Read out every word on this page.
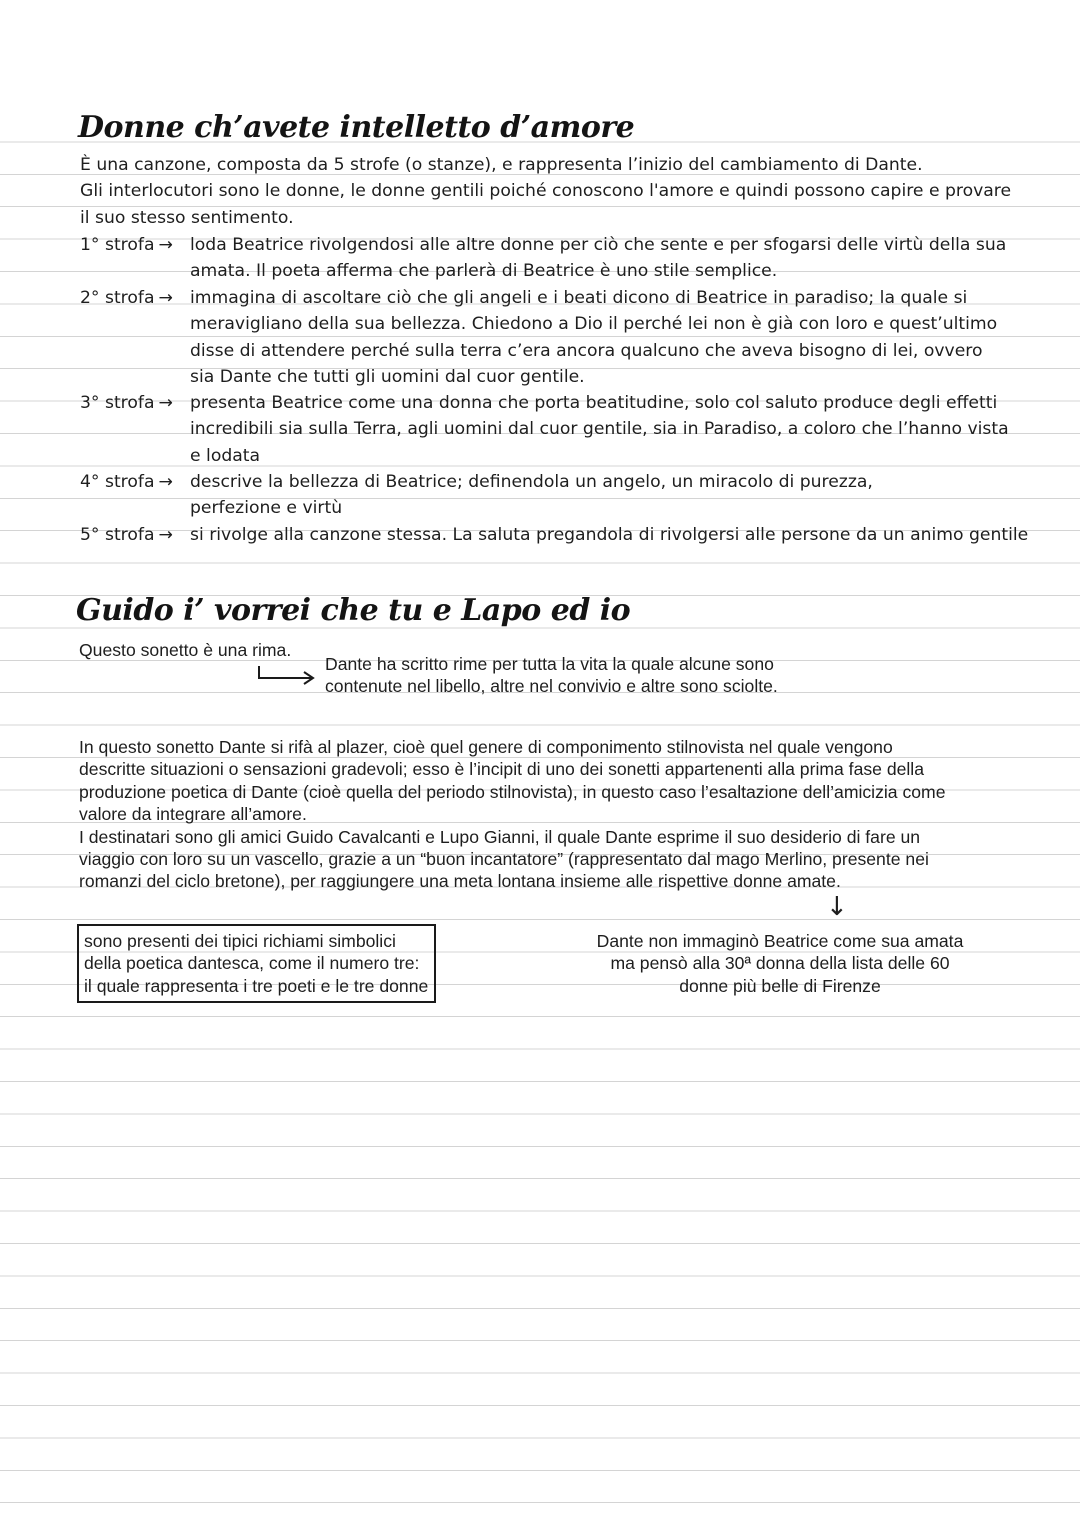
Donne ch’avete intelletto d’amore
È una canzone, composta da 5 strofe (o stanze), e rappresenta l’inizio del cambiamento di Dante.
Gli interlocutori sono le donne, le donne gentili poiché conoscono l'amore e quindi possono capire e provare
il suo stesso sentimento.
1° strofa → loda Beatrice rivolgendosi alle altre donne per ciò che sente e per sfogarsi delle virtù della sua
amata. Il poeta afferma che parlerà di Beatrice è uno stile semplice.
2° strofa → immagina di ascoltare ciò che gli angeli e i beati dicono di Beatrice in paradiso; la quale si
meravigliano della sua bellezza. Chiedono a Dio il perché lei non è già con loro e quest’ultimo
disse di attendere perché sulla terra c’era ancora qualcuno che aveva bisogno di lei, ovvero
sia Dante che tutti gli uomini dal cuor gentile.
3° strofa → presenta Beatrice come una donna che porta beatitudine, solo col saluto produce degli effetti
incredibili sia sulla Terra, agli uomini dal cuor gentile, sia in Paradiso, a coloro che l’hanno vista
e lodata
4° strofa → descrive la bellezza di Beatrice; definendola un angelo, un miracolo di purezza,
perfezione e virtù
5° strofa → si rivolge alla canzone stessa. La saluta pregandola di rivolgersi alle persone da un animo gentile
Guido i’ vorrei che tu e Lapo ed io
Questo sonetto è una rima.
Dante ha scritto rime per tutta la vita la quale alcune sono
contenute nel libello, altre nel convivio e altre sono sciolte.
In questo sonetto Dante si rifà al plazer, cioè quel genere di componimento stilnovista nel quale vengono
descritte situazioni o sensazioni gradevoli; esso è l’incipit di uno dei sonetti appartenenti alla prima fase della
produzione poetica di Dante (cioè quella del periodo stilnovista), in questo caso l’esaltazione dell’amicizia come
valore da integrare all’amore.
I destinatari sono gli amici Guido Cavalcanti e Lupo Gianni, il quale Dante esprime il suo desiderio di fare un
viaggio con loro su un vascello, grazie a un “buon incantatore” (rappresentato dal mago Merlino, presente nei
romanzi del ciclo bretone), per raggiungere una meta lontana insieme alle rispettive donne amate.
↓
sono presenti dei tipici richiami simbolici
della poetica dantesca, come il numero tre:
il quale rappresenta i tre poeti e le tre donne
Dante non immaginò Beatrice come sua amata
ma pensò alla 30ª donna della lista delle 60
donne più belle di Firenze
